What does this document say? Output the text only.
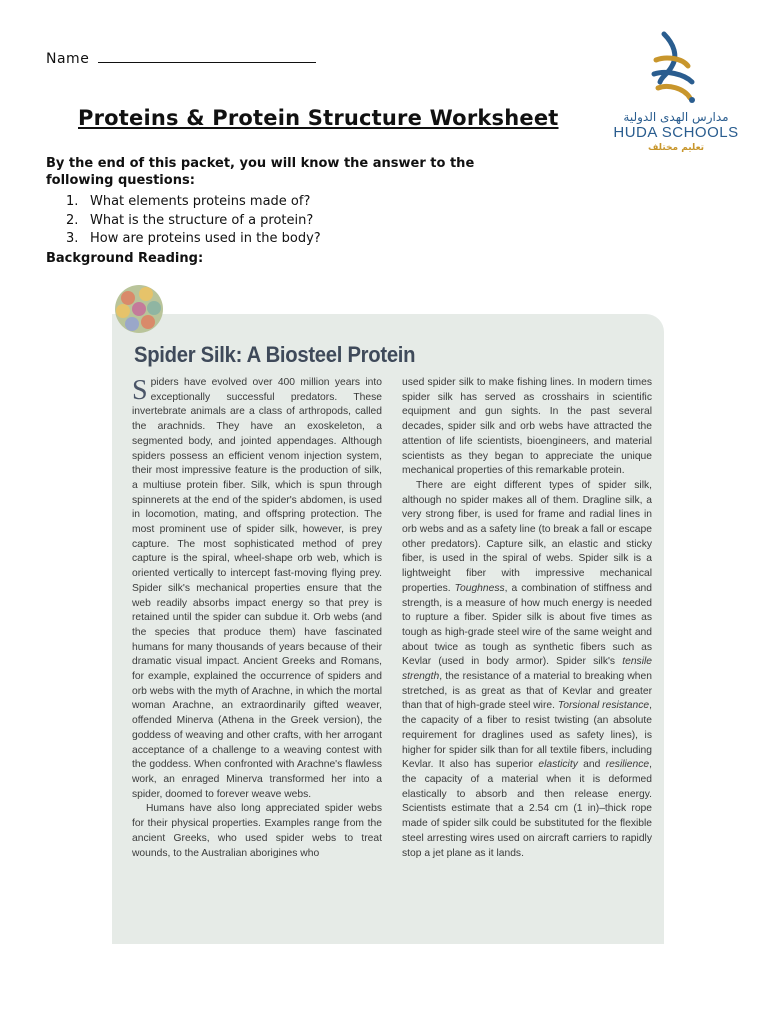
Name
Proteins & Protein Structure Worksheet	مدارس الهدى الدولية
HUDA SCHOOLS
تعليم مختلف
By the end of this packet, you will know the answer to the following questions:
1. What elements proteins made of?
2. What is the structure of a protein?
3. How are proteins used in the body?
Background Reading:
Spider Silk: A Biosteel Protein

Spiders have evolved over 400 million years into exceptionally successful predators. These invertebrate animals are a class of arthropods, called the arachnids. They have an exoskeleton, a segmented body, and jointed appendages. Although spiders possess an efficient venom injection system, their most impressive feature is the production of silk, a multiuse protein fiber. Silk, which is spun through spinnerets at the end of the spider's abdomen, is used in locomotion, mating, and offspring protection. The most prominent use of spider silk, however, is prey capture. The most sophisticated method of prey capture is the spiral, wheel-shape orb web, which is oriented vertically to intercept fast-moving flying prey. Spider silk's mechanical properties ensure that the web readily absorbs impact energy so that prey is retained until the spider can subdue it. Orb webs (and the species that produce them) have fascinated humans for many thousands of years because of their dramatic visual impact. Ancient Greeks and Romans, for example, explained the occurrence of spiders and orb webs with the myth of Arachne, in which the mortal woman Arachne, an extraordinarily gifted weaver, offended Minerva (Athena in the Greek version), the goddess of weaving and other crafts, with her arrogant acceptance of a challenge to a weaving contest with the goddess. When confronted with Arachne's flawless work, an enraged Minerva transformed her into a spider, doomed to forever weave webs.

Humans have also long appreciated spider webs for their physical properties. Examples range from the ancient Greeks, who used spider webs to treat wounds, to the Australian aborigines who

used spider silk to make fishing lines. In modern times spider silk has served as crosshairs in scientific equipment and gun sights. In the past several decades, spider silk and orb webs have attracted the attention of life scientists, bioengineers, and material scientists as they began to appreciate the unique mechanical properties of this remarkable protein.

There are eight different types of spider silk, although no spider makes all of them. Dragline silk, a very strong fiber, is used for frame and radial lines in orb webs and as a safety line (to break a fall or escape other predators). Capture silk, an elastic and sticky fiber, is used in the spiral of webs. Spider silk is a lightweight fiber with impressive mechanical properties. Toughness, a combination of stiffness and strength, is a measure of how much energy is needed to rupture a fiber. Spider silk is about five times as tough as high-grade steel wire of the same weight and about twice as tough as synthetic fibers such as Kevlar (used in body armor). Spider silk's tensile strength, the resistance of a material to breaking when stretched, is as great as that of Kevlar and greater than that of high-grade steel wire. Torsional resistance, the capacity of a fiber to resist twisting (an absolute requirement for draglines used as safety lines), is higher for spider silk than for all textile fibers, including Kevlar. It also has superior elasticity and resilience, the capacity of a material when it is deformed elastically to absorb and then release energy. Scientists estimate that a 2.54 cm (1 in)–thick rope made of spider silk could be substituted for the flexible steel arresting wires used on aircraft carriers to rapidly stop a jet plane as it lands.
